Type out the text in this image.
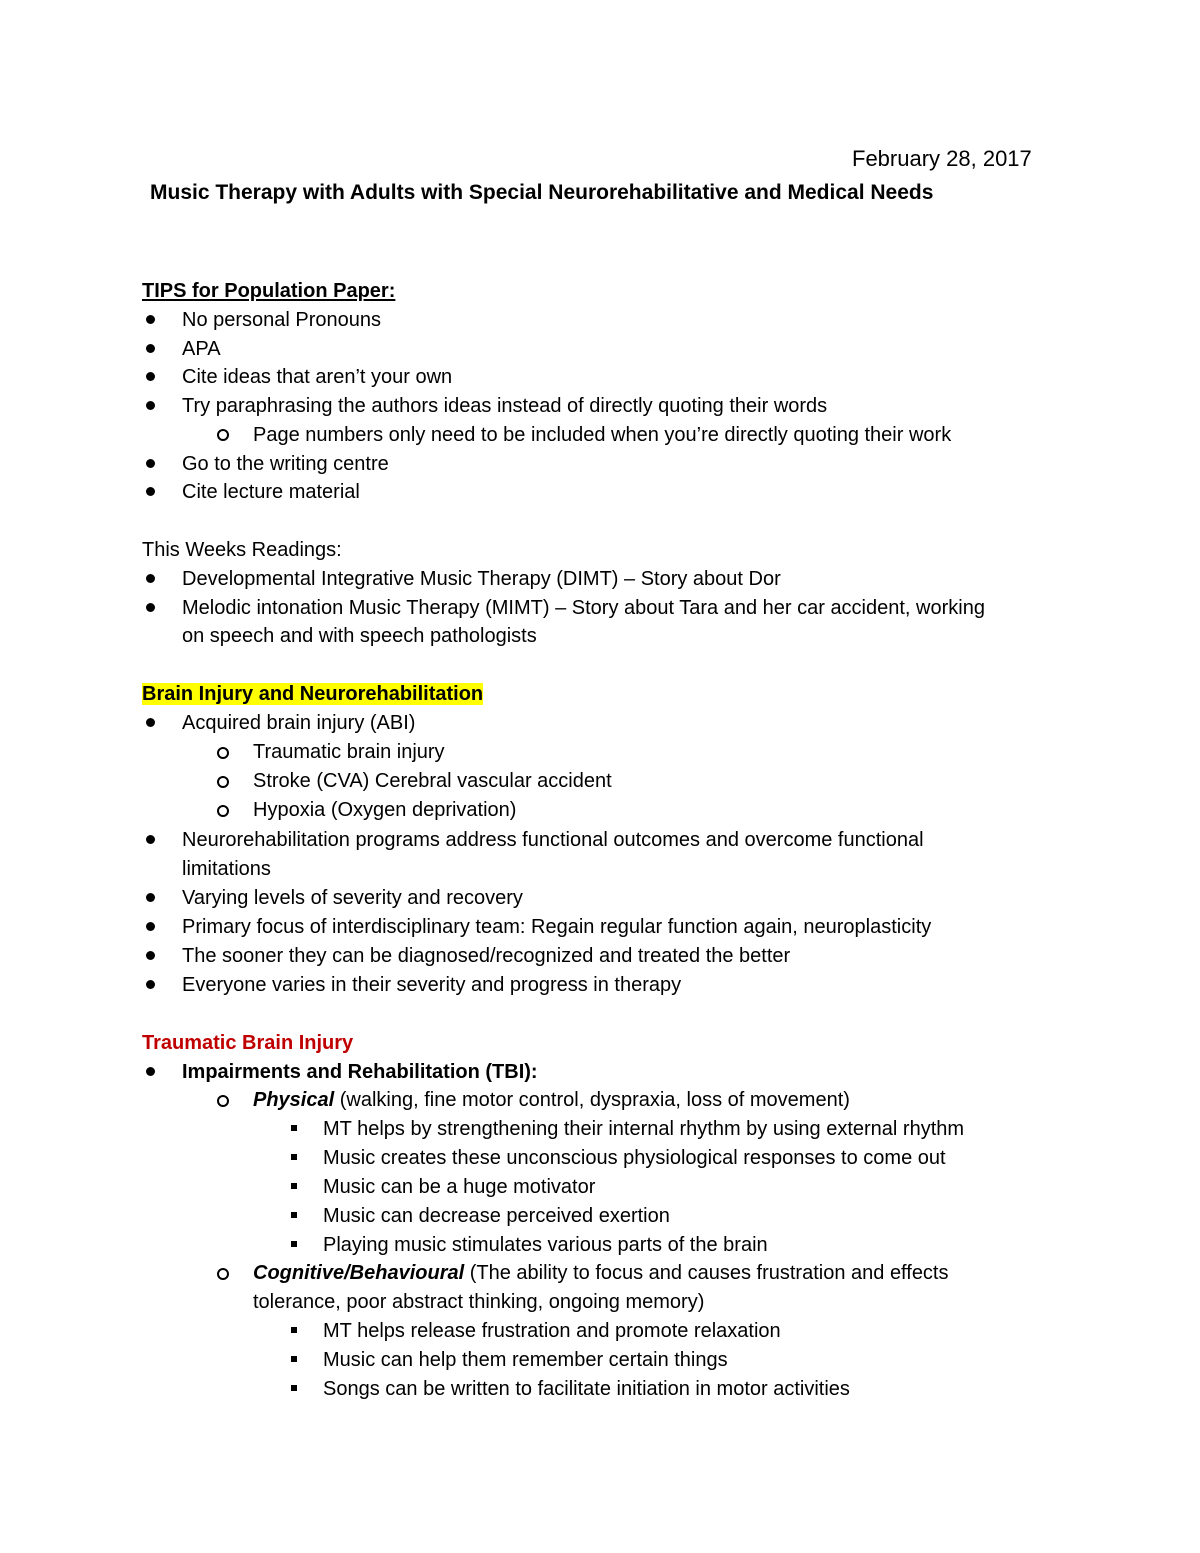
February 28, 2017
Music Therapy with Adults with Special Neurorehabilitative and Medical Needs
TIPS for Population Paper:
No personal Pronouns
APA
Cite ideas that aren’t your own
Try paraphrasing the authors ideas instead of directly quoting their words
Page numbers only need to be included when you’re directly quoting their work
Go to the writing centre
Cite lecture material
This Weeks Readings:
Developmental Integrative Music Therapy (DIMT) – Story about Dor
Melodic intonation Music Therapy (MIMT) – Story about Tara and her car accident, working
on speech and with speech pathologists
Brain Injury and Neurorehabilitation
Acquired brain injury (ABI)
Traumatic brain injury
Stroke (CVA) Cerebral vascular accident
Hypoxia (Oxygen deprivation)
Neurorehabilitation programs address functional outcomes and overcome functional
limitations
Varying levels of severity and recovery
Primary focus of interdisciplinary team: Regain regular function again, neuroplasticity
The sooner they can be diagnosed/recognized and treated the better
Everyone varies in their severity and progress in therapy
Traumatic Brain Injury
Impairments and Rehabilitation (TBI):
Physical (walking, fine motor control, dyspraxia, loss of movement)
MT helps by strengthening their internal rhythm by using external rhythm
Music creates these unconscious physiological responses to come out
Music can be a huge motivator
Music can decrease perceived exertion
Playing music stimulates various parts of the brain
Cognitive/Behavioural (The ability to focus and causes frustration and effects
tolerance, poor abstract thinking, ongoing memory)
MT helps release frustration and promote relaxation
Music can help them remember certain things
Songs can be written to facilitate initiation in motor activities
